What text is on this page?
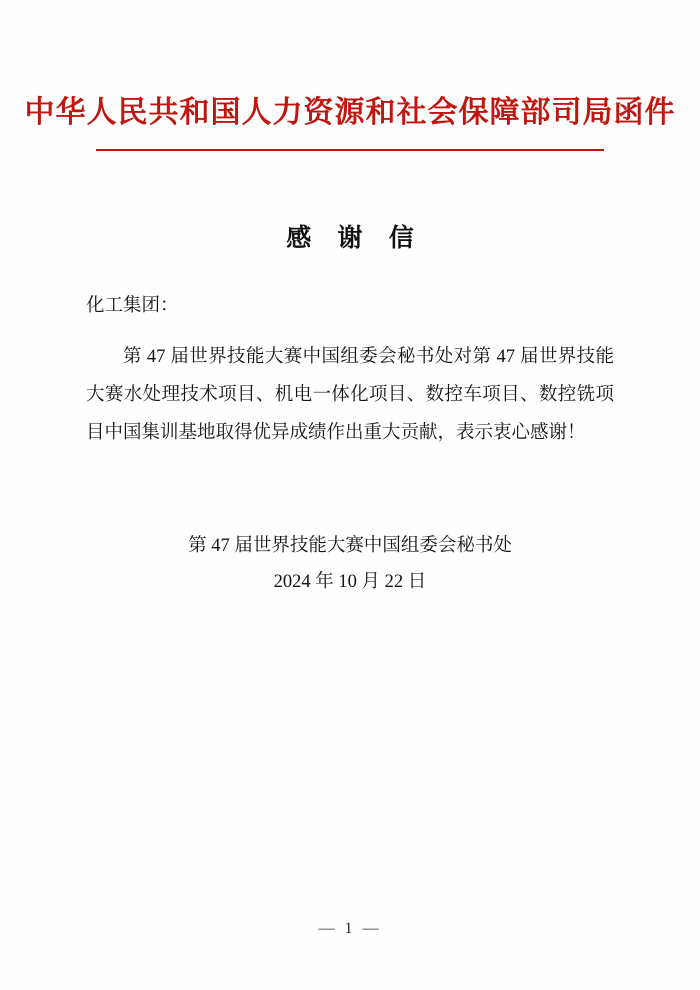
中华人民共和国人力资源和社会保障部司局函件
感 谢 信
化工集团：

第 47 届世界技能大赛中国组委会秘书处对第 47 届世界技能大赛水处理技术项目、机电一体化项目、数控车项目、数控铣项目中国集训基地取得优异成绩作出重大贡献，表示衷心感谢！

第 47 届世界技能大赛中国组委会秘书处
2024 年 10 月 22 日
— 1 —
